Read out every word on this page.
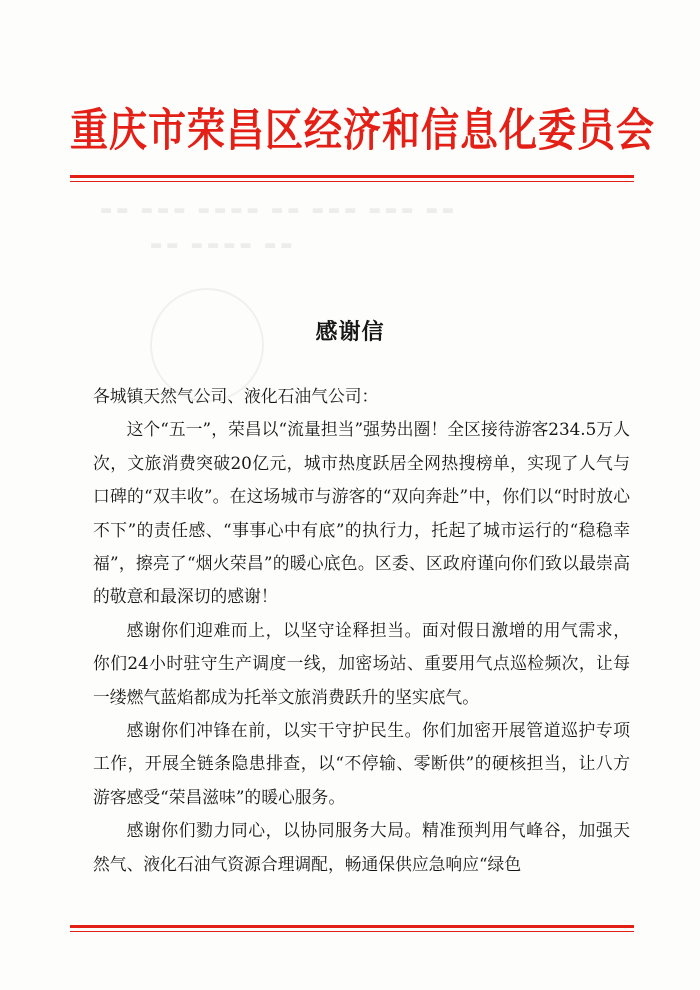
▬▬ ▬▬▬ ▬▬▬▬ ▬▬ ▬▬▬ ▬▬▬ ▬▬
▬▬ ▬▬▬▬ ▬▬
重庆市荣昌区经济和信息化委员会
感谢信

各城镇天然气公司、液化石油气公司：

这个“五一”，荣昌以“流量担当”强势出圈！全区接待游客234.5万人次，文旅消费突破20亿元，城市热度跃居全网热搜榜单，实现了人气与口碑的“双丰收”。在这场城市与游客的“双向奔赴”中，你们以“时时放心不下”的责任感、“事事心中有底”的执行力，托起了城市运行的“稳稳幸福”，擦亮了“烟火荣昌”的暖心底色。区委、区政府谨向你们致以最崇高的敬意和最深切的感谢！

感谢你们迎难而上，以坚守诠释担当。面对假日激增的用气需求，你们24小时驻守生产调度一线，加密场站、重要用气点巡检频次，让每一缕燃气蓝焰都成为托举文旅消费跃升的坚实底气。

感谢你们冲锋在前，以实干守护民生。你们加密开展管道巡护专项工作，开展全链条隐患排查，以“不停输、零断供”的硬核担当，让八方游客感受“荣昌滋味”的暖心服务。

感谢你们勠力同心，以协同服务大局。精准预判用气峰谷，加强天然气、液化石油气资源合理调配，畅通保供应急响应“绿色
